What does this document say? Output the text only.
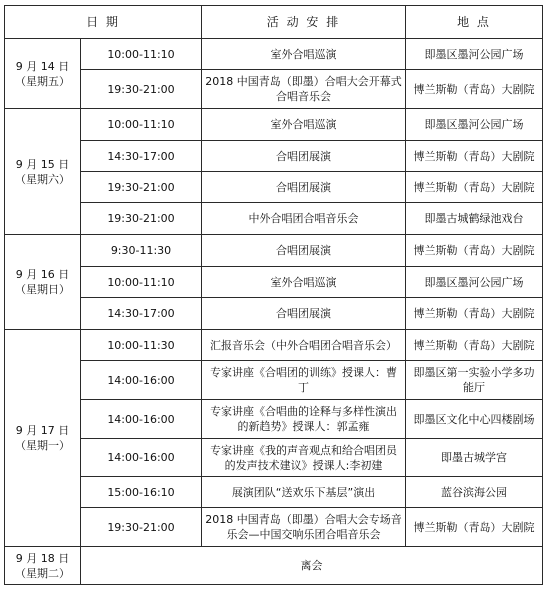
日 期		活 动 安 排	地 点

9 月 14 日
（星期五）	10:00-11:10	室外合唱巡演	即墨区墨河公园广场
	19:30-21:00	2018 中国青岛（即墨）合唱大会开幕式合唱音乐会	博兰斯勒（青岛）大剧院

9 月 15 日
（星期六）	10:00-11:10	室外合唱巡演	即墨区墨河公园广场
	14:30-17:00	合唱团展演	博兰斯勒（青岛）大剧院
	19:30-21:00	合唱团展演	博兰斯勒（青岛）大剧院
	19:30-21:00	中外合唱团合唱音乐会	即墨古城鹤绿池戏台

9 月 16 日
（星期日）	9:30-11:30	合唱团展演	博兰斯勒（青岛）大剧院
	10:00-11:10	室外合唱巡演	即墨区墨河公园广场
	14:30-17:00	合唱团展演	博兰斯勒（青岛）大剧院

9 月 17 日
（星期一）	10:00-11:30	汇报音乐会（中外合唱团合唱音乐会）	博兰斯勒（青岛）大剧院
	14:00-16:00	专家讲座《合唱团的训练》授课人：曹丁	即墨区第一实验小学多功能厅
	14:00-16:00	专家讲座《合唱曲的诠释与多样性演出的新趋势》授课人：郭孟雍	即墨区文化中心四楼剧场
	14:00-16:00	专家讲座《我的声音观点和给合唱团员的发声技术建议》授课人:李初建	即墨古城学宫
	15:00-16:10	展演团队“送欢乐下基层”演出	蓝谷滨海公园
	19:30-21:00	2018 中国青岛（即墨）合唱大会专场音乐会—中国交响乐团合唱音乐会	博兰斯勒（青岛）大剧院

9 月 18 日
（星期二）	离会		
